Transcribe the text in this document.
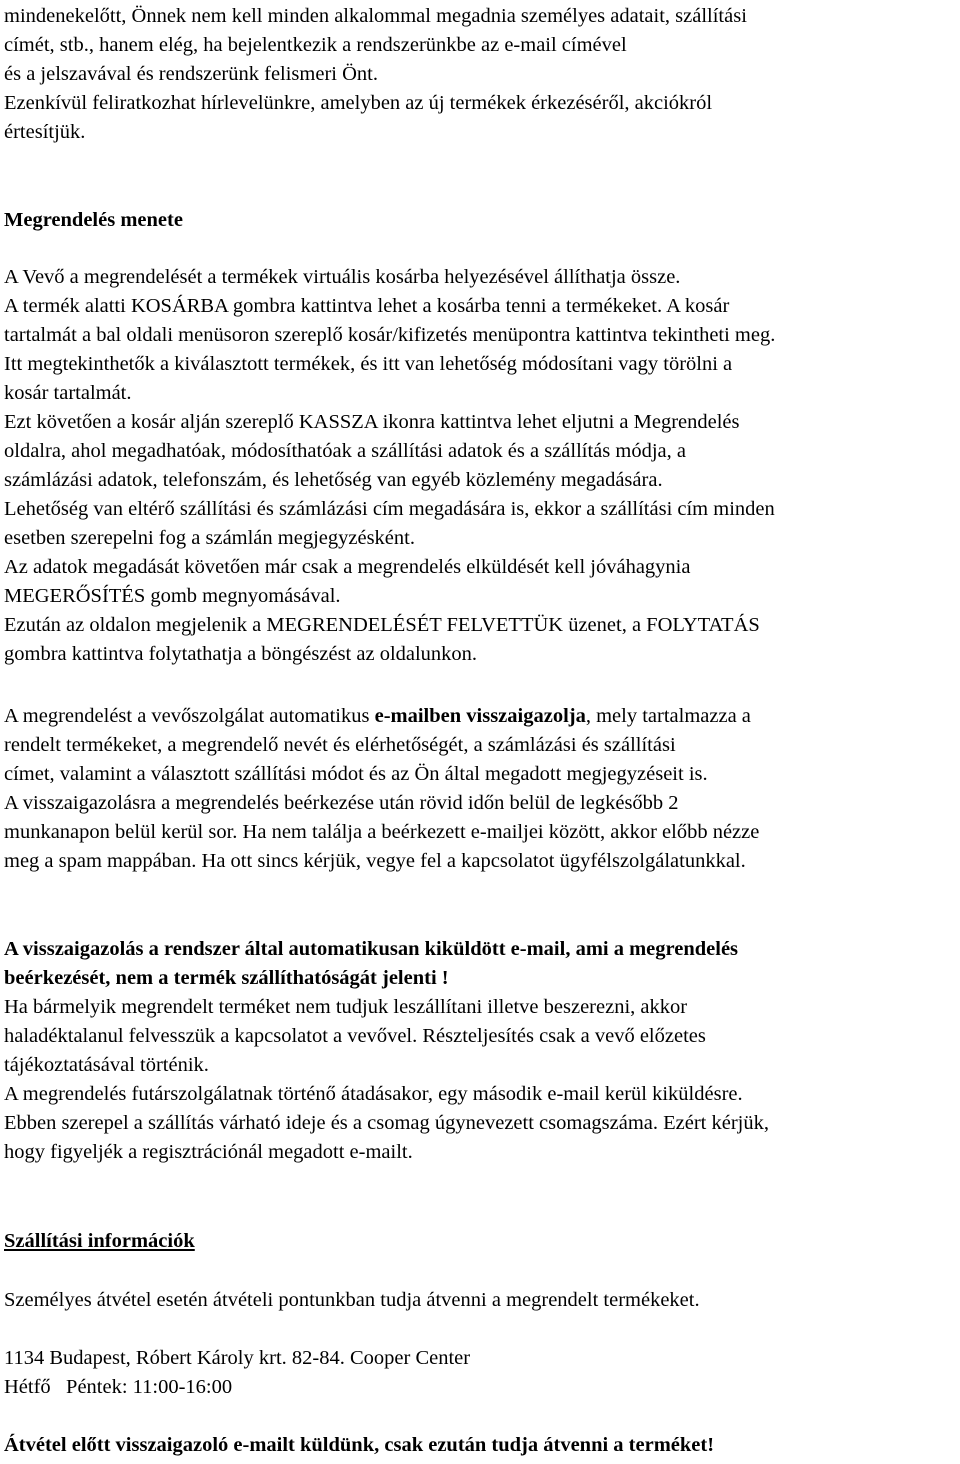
mindenekelőtt, Önnek nem kell minden alkalommal megadnia személyes adatait, szállítási
címét, stb., hanem elég, ha bejelentkezik a rendszerünkbe az e-mail címével
és a jelszavával és rendszerünk felismeri Önt.
Ezenkívül feliratkozhat hírlevelünkre, amelyben az új termékek érkezéséről, akciókról
értesítjük.
Megrendelés menete
A Vevő a megrendelését a termékek virtuális kosárba helyezésével állíthatja össze.
A termék alatti KOSÁRBA gombra kattintva lehet a kosárba tenni a termékeket. A kosár
tartalmát a bal oldali menüsoron szereplő kosár/kifizetés menüpontra kattintva tekintheti meg.
Itt megtekinthetők a kiválasztott termékek, és itt van lehetőség módosítani vagy törölni a
kosár tartalmát.
Ezt követően a kosár alján szereplő KASSZA ikonra kattintva lehet eljutni a Megrendelés
oldalra, ahol megadhatóak, módosíthatóak a szállítási adatok és a szállítás módja, a
számlázási adatok, telefonszám, és lehetőség van egyéb közlemény megadására.
Lehetőség van eltérő szállítási és számlázási cím megadására is, ekkor a szállítási cím minden
esetben szerepelni fog a számlán megjegyzésként.
Az adatok megadását követően már csak a megrendelés elküldését kell jóváhagynia
MEGERŐSÍTÉS gomb megnyomásával.
Ezután az oldalon megjelenik a MEGRENDELÉSÉT FELVETTÜK üzenet, a FOLYTATÁS
gombra kattintva folytathatja a böngészést az oldalunkon.
A megrendelést a vevőszolgálat automatikus e-mailben visszaigazolja, mely tartalmazza a
rendelt termékeket, a megrendelő nevét és elérhetőségét, a számlázási és szállítási
címet, valamint a választott szállítási módot és az Ön által megadott megjegyzéseit is.
A visszaigazolásra a megrendelés beérkezése után rövid időn belül de legkésőbb 2
munkanapon belül kerül sor. Ha nem találja a beérkezett e-mailjei között, akkor előbb nézze
meg a spam mappában. Ha ott sincs kérjük, vegye fel a kapcsolatot ügyfélszolgálatunkkal.
A visszaigazolás a rendszer által automatikusan kiküldött e-mail, ami a megrendelés
beérkezését, nem a termék szállíthatóságát jelenti !
Ha bármelyik megrendelt terméket nem tudjuk leszállítani illetve beszerezni, akkor
haladéktalanul felvesszük a kapcsolatot a vevővel. Részteljesítés csak a vevő előzetes
tájékoztatásával történik.
A megrendelés futárszolgálatnak történő átadásakor, egy második e-mail kerül kiküldésre.
Ebben szerepel a szállítás várható ideje és a csomag úgynevezett csomagszáma. Ezért kérjük,
hogy figyeljék a regisztrációnál megadott e-mailt.
Szállítási információk
Személyes átvétel esetén átvételi pontunkban tudja átvenni a megrendelt termékeket.
1134 Budapest, Róbert Károly krt. 82-84. Cooper Center
Hétfő   Péntek: 11:00-16:00
Átvétel előtt visszaigazoló e-mailt küldünk, csak ezután tudja átvenni a terméket!
